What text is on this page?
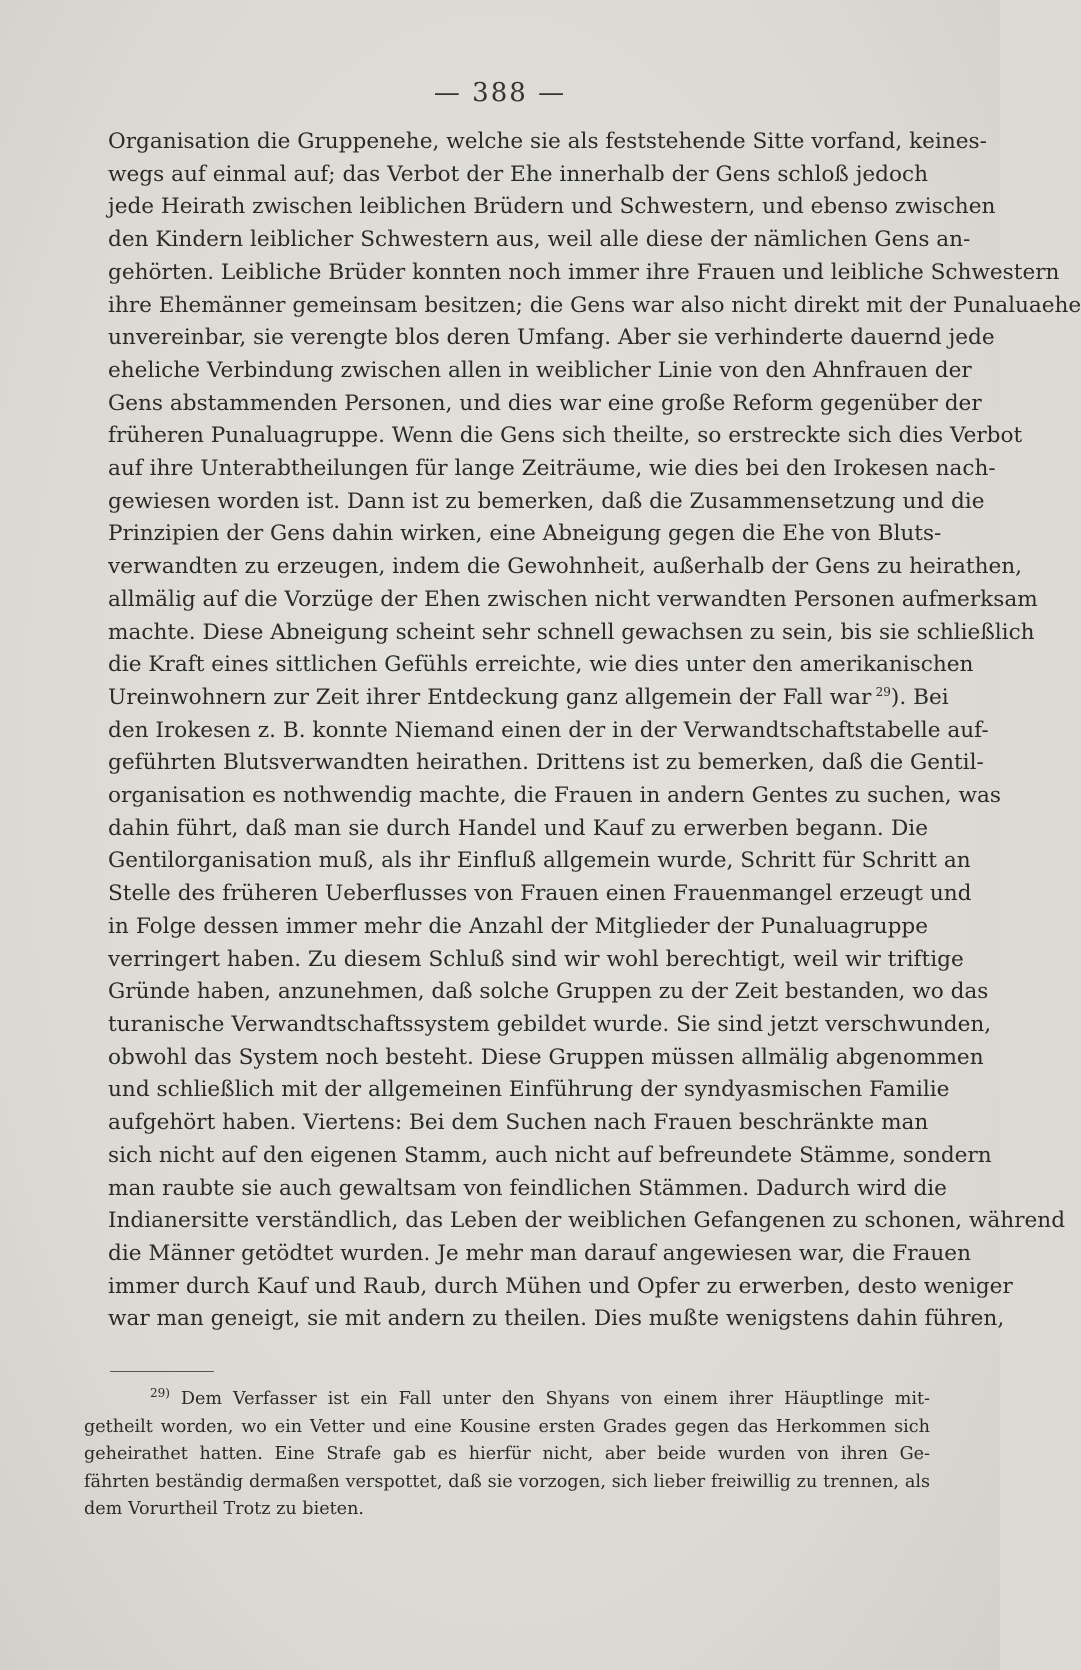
— 388 —
Organisation die Gruppenehe, welche sie als feststehende Sitte vorfand, keines-
wegs auf einmal auf; das Verbot der Ehe innerhalb der Gens schloß jedoch
jede Heirath zwischen leiblichen Brüdern und Schwestern, und ebenso zwischen
den Kindern leiblicher Schwestern aus, weil alle diese der nämlichen Gens an-
gehörten. Leibliche Brüder konnten noch immer ihre Frauen und leibliche Schwestern
ihre Ehemänner gemeinsam besitzen; die Gens war also nicht direkt mit der Punaluaehe
unvereinbar, sie verengte blos deren Umfang. Aber sie verhinderte dauernd jede
eheliche Verbindung zwischen allen in weiblicher Linie von den Ahnfrauen der
Gens abstammenden Personen, und dies war eine große Reform gegenüber der
früheren Punaluagruppe. Wenn die Gens sich theilte, so erstreckte sich dies Verbot
auf ihre Unterabtheilungen für lange Zeiträume, wie dies bei den Irokesen nach-
gewiesen worden ist. Dann ist zu bemerken, daß die Zusammensetzung und die
Prinzipien der Gens dahin wirken, eine Abneigung gegen die Ehe von Bluts-
verwandten zu erzeugen, indem die Gewohnheit, außerhalb der Gens zu heirathen,
allmälig auf die Vorzüge der Ehen zwischen nicht verwandten Personen aufmerksam
machte. Diese Abneigung scheint sehr schnell gewachsen zu sein, bis sie schließlich
die Kraft eines sittlichen Gefühls erreichte, wie dies unter den amerikanischen
Ureinwohnern zur Zeit ihrer Entdeckung ganz allgemein der Fall war  $^{29}$). Bei
den Irokesen z. B. konnte Niemand einen der in der Verwandtschaftstabelle auf-
geführten Blutsverwandten heirathen. Drittens ist zu bemerken, daß die Gentil-
organisation es nothwendig machte, die Frauen in andern Gentes zu suchen, was
dahin führt, daß man sie durch Handel und Kauf zu erwerben begann. Die
Gentilorganisation muß, als ihr Einfluß allgemein wurde, Schritt für Schritt an
Stelle des früheren Ueberflusses von Frauen einen Frauenmangel erzeugt und
in Folge dessen immer mehr die Anzahl der Mitglieder der Punaluagruppe
verringert haben. Zu diesem Schluß sind wir wohl berechtigt, weil wir triftige
Gründe haben, anzunehmen, daß solche Gruppen zu der Zeit bestanden, wo das
turanische Verwandtschaftssystem gebildet wurde. Sie sind jetzt verschwunden,
obwohl das System noch besteht. Diese Gruppen müssen allmälig abgenommen
und schließlich mit der allgemeinen Einführung der syndyasmischen Familie
aufgehört haben. Viertens: Bei dem Suchen nach Frauen beschränkte man
sich nicht auf den eigenen Stamm, auch nicht auf befreundete Stämme, sondern
man raubte sie auch gewaltsam von feindlichen Stämmen. Dadurch wird die
Indianersitte verständlich, das Leben der weiblichen Gefangenen zu schonen, während
die Männer getödtet wurden. Je mehr man darauf angewiesen war, die Frauen
immer durch Kauf und Raub, durch Mühen und Opfer zu erwerben, desto weniger
war man geneigt, sie mit andern zu theilen. Dies mußte wenigstens dahin führen,
$^{29)}$ Dem Verfasser ist ein Fall unter den Shyans von einem ihrer Häuptlinge mit-
getheilt worden, wo ein Vetter und eine Kousine ersten Grades gegen das Herkommen sich
geheirathet hatten. Eine Strafe gab es hierfür nicht, aber beide wurden von ihren Ge-
fährten beständig dermaßen verspottet, daß sie vorzogen, sich lieber freiwillig zu trennen, als
dem Vorurtheil Trotz zu bieten.
